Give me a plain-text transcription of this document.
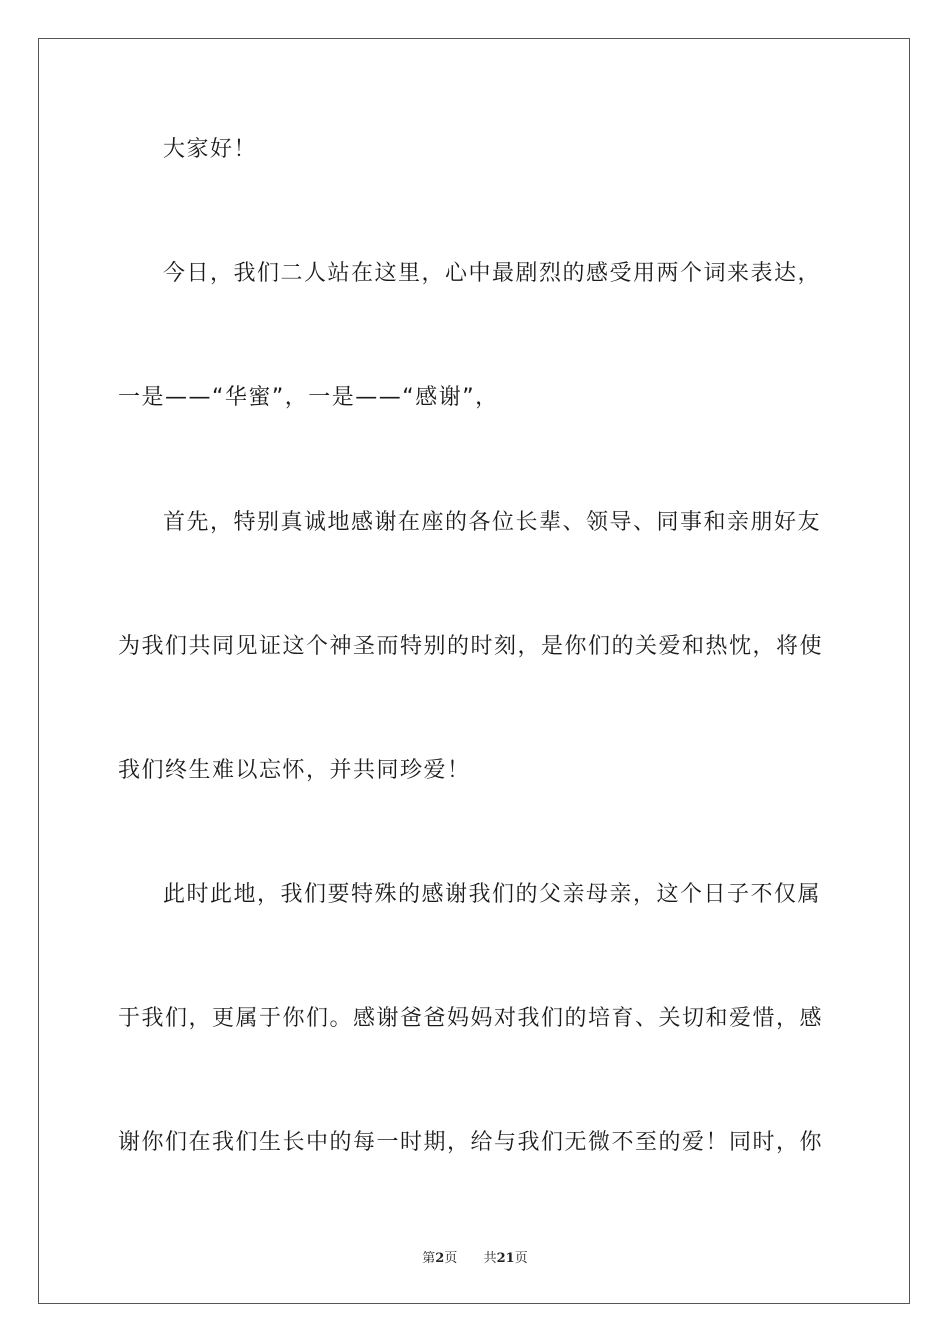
大家好！
今日，我们二人站在这里，心中最剧烈的感受用两个词来表达，
一是——“华蜜”，一是——“感谢”，
首先，特别真诚地感谢在座的各位长辈、领导、同事和亲朋好友
为我们共同见证这个神圣而特别的时刻，是你们的关爱和热忱，将使
我们终生难以忘怀，并共同珍爱！
此时此地，我们要特殊的感谢我们的父亲母亲，这个日子不仅属
于我们，更属于你们。感谢爸爸妈妈对我们的培育、关切和爱惜，感
谢你们在我们生长中的每一时期，给与我们无微不至的爱！同时，你
第2页 共21页
